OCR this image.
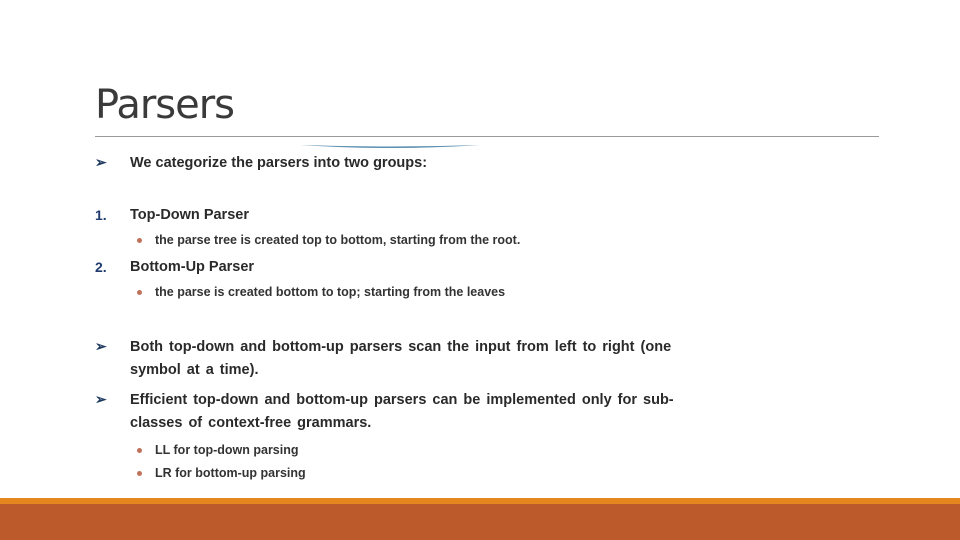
Parsers
➢ We categorize the parsers into two groups:
1. Top-Down Parser
the parse tree is created top to bottom, starting from the root.
2. Bottom-Up Parser
the parse is created bottom to top; starting from the leaves
➢ Both top-down and bottom-up parsers scan the input from left to right (one symbol at a time).
➢ Efficient top-down and bottom-up parsers can be implemented only for sub-classes of context-free grammars.
LL for top-down parsing
LR for bottom-up parsing
